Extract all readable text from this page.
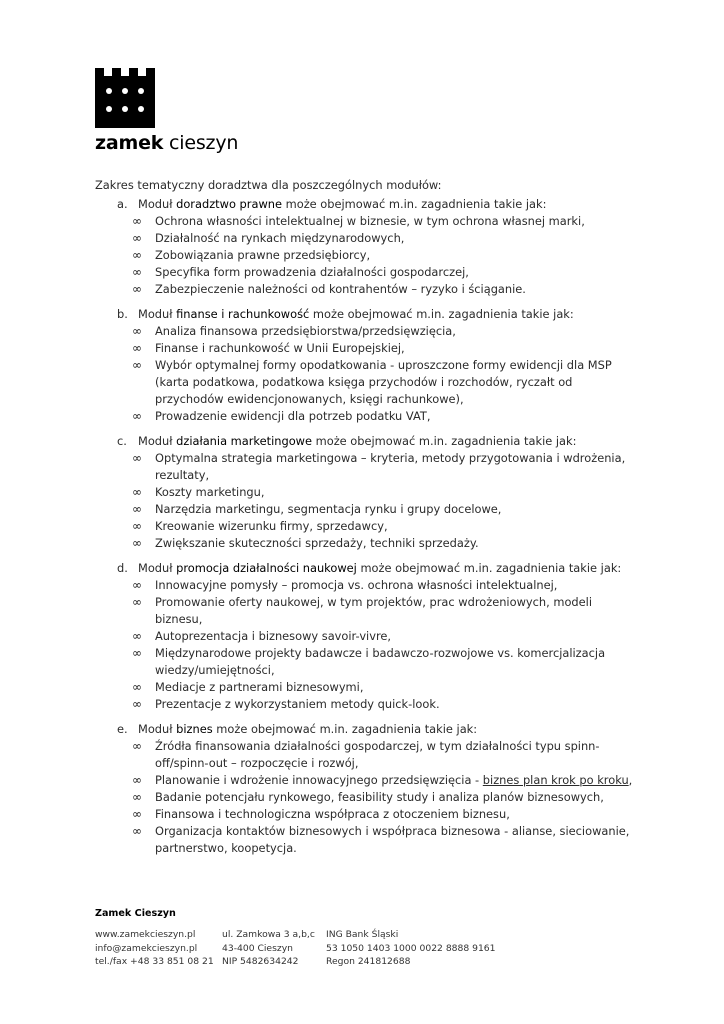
zamek cieszyn

Zakres tematyczny doradztwa dla poszczególnych modułów:

a. Moduł doradztwo prawne może obejmować m.in. zagadnienia takie jak:
∞ Ochrona własności intelektualnej w biznesie, w tym ochrona własnej marki,
∞ Działalność na rynkach międzynarodowych,
∞ Zobowiązania prawne przedsiębiorcy,
∞ Specyfika form prowadzenia działalności gospodarczej,
∞ Zabezpieczenie należności od kontrahentów – ryzyko i ściąganie.
b. Moduł finanse i rachunkowość może obejmować m.in. zagadnienia takie jak:
∞ Analiza finansowa przedsiębiorstwa/przedsięwzięcia,
∞ Finanse i rachunkowość w Unii Europejskiej,
∞ Wybór optymalnej formy opodatkowania - uproszczone formy ewidencji dla MSP (karta podatkowa, podatkowa księga przychodów i rozchodów, ryczałt od przychodów ewidencjonowanych, księgi rachunkowe),
∞ Prowadzenie ewidencji dla potrzeb podatku VAT,
c. Moduł działania marketingowe może obejmować m.in. zagadnienia takie jak:
∞ Optymalna strategia marketingowa – kryteria, metody przygotowania i wdrożenia, rezultaty,
∞ Koszty marketingu,
∞ Narzędzia marketingu, segmentacja rynku i grupy docelowe,
∞ Kreowanie wizerunku firmy, sprzedawcy,
∞ Zwiększanie skuteczności sprzedaży, techniki sprzedaży.
d. Moduł promocja działalności naukowej może obejmować m.in. zagadnienia takie jak:
∞ Innowacyjne pomysły – promocja vs. ochrona własności intelektualnej,
∞ Promowanie oferty naukowej, w tym projektów, prac wdrożeniowych, modeli biznesu,
∞ Autoprezentacja i biznesowy savoir-vivre,
∞ Międzynarodowe projekty badawcze i badawczo-rozwojowe vs. komercjalizacja wiedzy/umiejętności,
∞ Mediacje z partnerami biznesowymi,
∞ Prezentacje z wykorzystaniem metody quick-look.
e. Moduł biznes może obejmować m.in. zagadnienia takie jak:
∞ Źródła finansowania działalności gospodarczej, w tym działalności typu spinn-off/spinn-out – rozpoczęcie i rozwój,
∞ Planowanie i wdrożenie innowacyjnego przedsięwzięcia - biznes plan krok po kroku,
∞ Badanie potencjału rynkowego, feasibility study i analiza planów biznesowych,
∞ Finansowa i technologiczna współpraca z otoczeniem biznesu,
∞ Organizacja kontaktów biznesowych i współpraca biznesowa - alianse, sieciowanie, partnerstwo, koopetycja.
Zamek Cieszyn
www.zamekcieszyn.pl
info@zamekcieszyn.pl
tel./fax +48 33 851 08 21
ul. Zamkowa 3 a,b,c
43-400 Cieszyn
NIP 5482634242
ING Bank Śląski
53 1050 1403 1000 0022 8888 9161
Regon 241812688
